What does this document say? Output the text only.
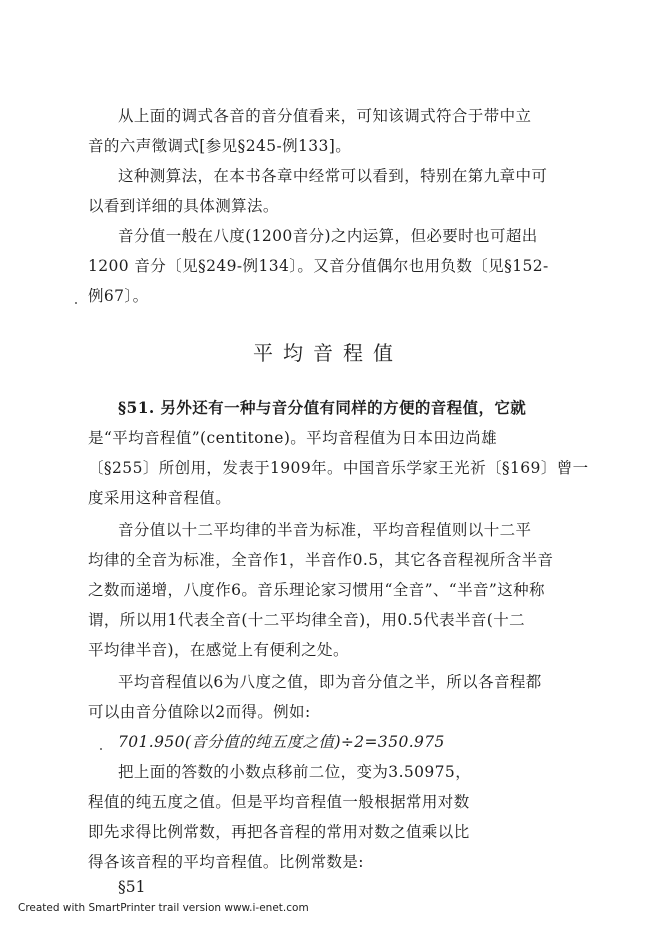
从上面的调式各音的音分值看来，可知该调式符合于带中立
音的六声徵调式[参见§245-例133]。
这种测算法，在本书各章中经常可以看到，特别在第九章中可
以看到详细的具体测算法。
音分值一般在八度(1200音分)之内运算，但必要时也可超出
1200 音分〔见§249-例134〕。又音分值偶尔也用负数〔见§152-
例67〕。
平均音程值
§51. 另外还有一种与音分值有同样的方便的音程值，它就
是“平均音程值”(centitone)。平均音程值为日本田边尚雄
〔§255〕所创用，发表于1909年。中国音乐学家王光祈〔§169〕曾一
度采用这种音程值。
音分值以十二平均律的半音为标准，平均音程值则以十二平
均律的全音为标准，全音作1，半音作0.5，其它各音程视所含半音
之数而递增，八度作6。音乐理论家习惯用“全音”、“半音”这种称
谓，所以用1代表全音(十二平均律全音)，用0.5代表半音(十二
平均律半音)，在感觉上有便利之处。
平均音程值以6为八度之值，即为音分值之半，所以各音程都
可以由音分值除以2而得。例如:
701.950(音分值的纯五度之值)÷2=350.975
把上面的答数的小数点移前二位，变为3.50975，
程值的纯五度之值。但是平均音程值一般根据常用对数
即先求得比例常数，再把各音程的常用对数之值乘以比
得各该音程的平均音程值。比例常数是:
§51
Created with SmartPrinter trail version www.i-enet.com
